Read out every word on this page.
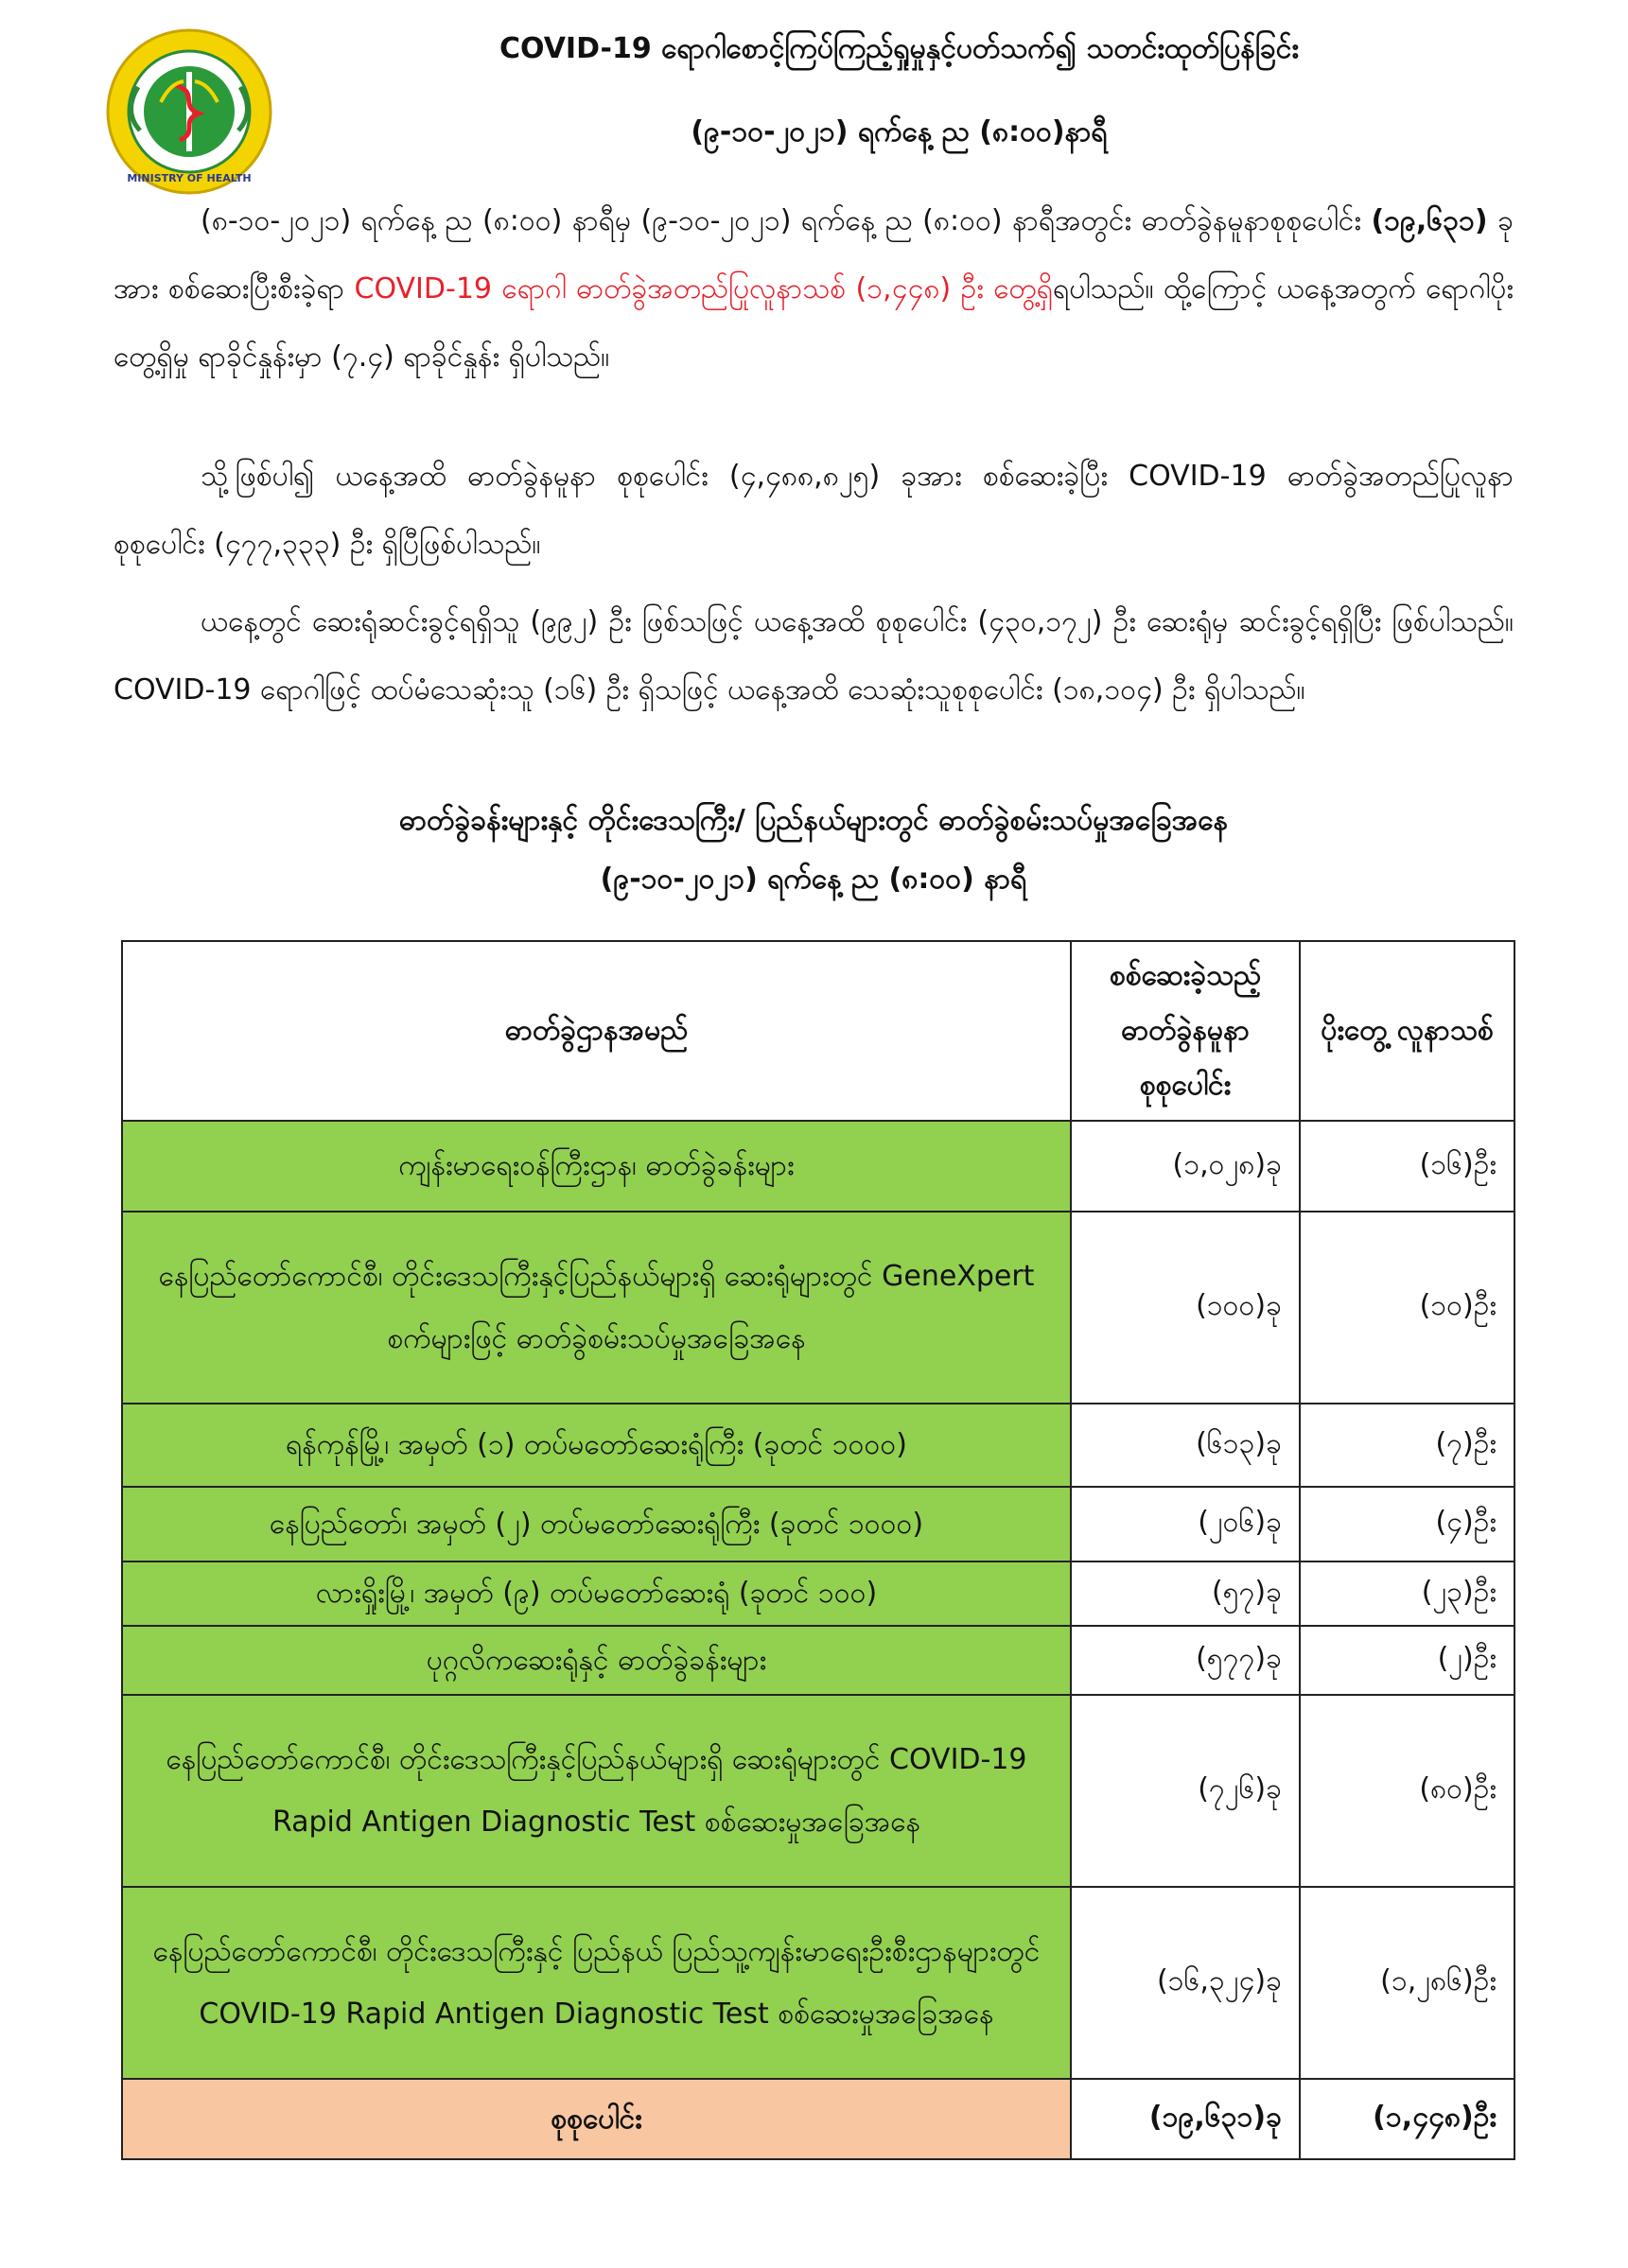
MINISTRY OF HEALTH
COVID-19 ရောဂါစောင့်ကြပ်ကြည့်ရှုမှုနှင့်ပတ်သက်၍ သတင်းထုတ်ပြန်ခြင်း
(၉-၁၀-၂၀၂၁) ရက်နေ့ ည (၈:၀၀)နာရီ
(၈-၁၀-၂၀၂၁) ရက်နေ့ ည (၈:၀၀) နာရီမှ (၉-၁၀-၂၀၂၁) ရက်နေ့ ည (၈:၀၀) နာရီအတွင်း ဓာတ်ခွဲနမူနာစုစုပေါင်း (၁၉,၆၃၁) ခုအား စစ်ဆေးပြီးစီးခဲ့ရာ COVID-19 ရောဂါ ဓာတ်ခွဲအတည်ပြုလူနာသစ် (၁,၄၄၈) ဦး တွေ့ရှိရပါသည်။ ထို့ကြောင့် ယနေ့အတွက် ရောဂါပိုးတွေ့ရှိမှု ရာခိုင်နှုန်းမှာ (၇.၄) ရာခိုင်နှုန်း ရှိပါသည်။
သို့ဖြစ်ပါ၍ ယနေ့အထိ ဓာတ်ခွဲနမူနာ စုစုပေါင်း (၄,၄၈၈,၈၂၅) ခုအား စစ်ဆေးခဲ့ပြီး COVID-19 ဓာတ်ခွဲအတည်ပြုလူနာ စုစုပေါင်း (၄၇၇,၃၃၃) ဦး ရှိပြီဖြစ်ပါသည်။
ယနေ့တွင် ဆေးရုံဆင်းခွင့်ရရှိသူ (၉၉၂) ဦး ဖြစ်သဖြင့် ယနေ့အထိ စုစုပေါင်း (၄၃၀,၁၇၂) ဦး ဆေးရုံမှ ဆင်းခွင့်ရရှိပြီး ဖြစ်ပါသည်။ COVID-19 ရောဂါဖြင့် ထပ်မံသေဆုံးသူ (၁၆) ဦး ရှိသဖြင့် ယနေ့အထိ သေဆုံးသူစုစုပေါင်း (၁၈,၁၀၄) ဦး ရှိပါသည်။
ဓာတ်ခွဲခန်းများနှင့် တိုင်းဒေသကြီး/ ပြည်နယ်များတွင် ဓာတ်ခွဲစမ်းသပ်မှုအခြေအနေ
(၉-၁၀-၂၀၂၁) ရက်နေ့ ည (၈:၀၀) နာရီ
ဓာတ်ခွဲဌာနအမည်	စစ်ဆေးခဲ့သည့် ဓာတ်ခွဲနမူနာ စုစုပေါင်း	ပိုးတွေ့ လူနာသစ်
ကျန်းမာရေးဝန်ကြီးဌာန၊ ဓာတ်ခွဲခန်းများ	(၁,၀၂၈)ခု	(၁၆)ဦး
နေပြည်တော်ကောင်စီ၊ တိုင်းဒေသကြီးနှင့်ပြည်နယ်များရှိ ဆေးရုံများတွင် GeneXpert စက်များဖြင့် ဓာတ်ခွဲစမ်းသပ်မှုအခြေအနေ	(၁၀၀)ခု	(၁၀)ဦး
ရန်ကုန်မြို့၊ အမှတ် (၁) တပ်မတော်ဆေးရုံကြီး (ခုတင် ၁၀၀၀)	(၆၁၃)ခု	(၇)ဦး
နေပြည်တော်၊ အမှတ် (၂) တပ်မတော်ဆေးရုံကြီး (ခုတင် ၁၀၀၀)	(၂၀၆)ခု	(၄)ဦး
လားရှိုးမြို့၊ အမှတ် (၉) တပ်မတော်ဆေးရုံ (ခုတင် ၁၀၀)	(၅၇)ခု	(၂၃)ဦး
ပုဂ္ဂလိကဆေးရုံနှင့် ဓာတ်ခွဲခန်းများ	(၅၇၇)ခု	(၂)ဦး
နေပြည်တော်ကောင်စီ၊ တိုင်းဒေသကြီးနှင့်ပြည်နယ်များရှိ ဆေးရုံများတွင် COVID-19 Rapid Antigen Diagnostic Test စစ်ဆေးမှုအခြေအနေ	(၇၂၆)ခု	(၈၀)ဦး
နေပြည်တော်ကောင်စီ၊ တိုင်းဒေသကြီးနှင့် ပြည်နယ် ပြည်သူ့ကျန်းမာရေးဦးစီးဌာနများတွင် COVID-19 Rapid Antigen Diagnostic Test စစ်ဆေးမှုအခြေအနေ	(၁၆,၃၂၄)ခု	(၁,၂၈၆)ဦး
စုစုပေါင်း	(၁၉,၆၃၁)ခု	(၁,၄၄၈)ဦး
